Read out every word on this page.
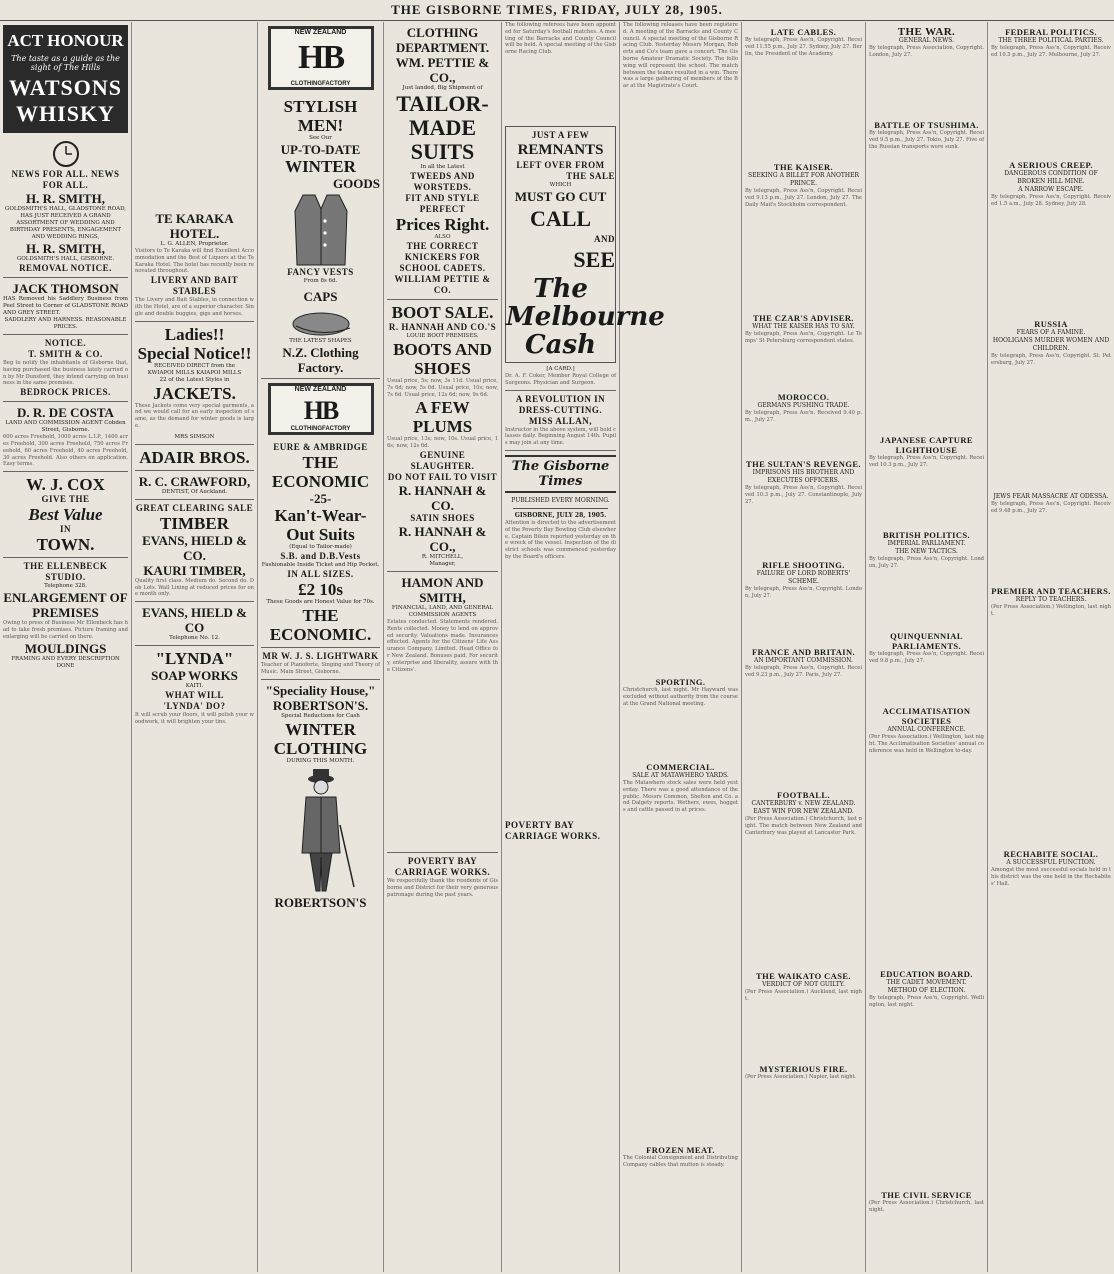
THE GISBORNE TIMES, FRIDAY, JULY 28, 1905.
ACT HONOUR
The taste as a guide as the sight of The Hills
WATSONS WHISKY
NEWS FOR ALL. NEWS FOR ALL.
H. R. SMITH,
GOLDSMITH'S HALL, GLADSTONE ROAD,
HAS JUST RECEIVED A GRAND ASSORTMENT OF WEDDING AND BIRTHDAY PRESENTS, ENGAGEMENT AND WEDDING RINGS,
H. R. SMITH,
GOLDSMITH'S HALL, GISBORNE.
REMOVAL NOTICE.
JACK THOMSON
HAS Removed his Saddlery Business from Peel Street to Corner of GLADSTONE ROAD AND GREY STREET.
SADDLERY AND HARNESS. REASONABLE PRICES.
NOTICE.
T. SMITH & CO.
Beg to notify the inhabitants of Gisborne that, having purchased the business lately carried on by Mr Dunsford, they intend carrying on business in the same premises.
BEDROCK PRICES.
D. R. DE COSTA
LAND AND COMMISSION AGENT Cobden Street, Gisborne.
600 acres Freehold, 1000 acres L.I.P., 1400 acres Freehold, 300 acres Freehold, 750 acres Freehold, 60 acres Freehold, 40 acres Freehold, 30 acres Freehold. Also others on application. Easy terms.
W. J. COX
GIVE THE
Best Value
IN
TOWN.
THE ELLENBECK STUDIO.
Telephone 328.
ENLARGEMENT OF PREMISES
Owing to press of Business Mr Ellenbeck has had to take fresh premises. Picture framing and enlarging will be carried on there.
MOULDINGS
FRAMING AND EVERY DESCRIPTION DONE
TE KARAKA HOTEL.
L. G. ALLEN, Proprietor.
Visitors to Te Karaka will find Excellent Accommodation and the Best of Liquors at the Te Karaka Hotel. The hotel has recently been renovated throughout.
LIVERY AND BAIT STABLES
The Livery and Bait Stables, in connection with the Hotel, are of a superior character. Single and double buggies, gigs and horses.
Ladies!!
Special Notice!!
RECEIVED DIRECT from the
KWIAPOI MILLS KAIAPOI MILLS
22 of the Latest Styles in
JACKETS.
These Jackets come very special garments, and we would call for an early inspection of same, as the demand for winter goods is large.
MRS SIMSON
ADAIR BROS.
R. C. CRAWFORD,
DENTIST, Of Auckland.
GREAT CLEARING SALE
TIMBER
EVANS, HIELD & CO.
KAURI TIMBER,
Quality first class. Medium do. Second do. Dob Lots. Wall Lining at reduced prices for one month only.
EVANS, HIELD & CO
Telephone No. 12.
"LYNDA"
SOAP WORKS
KAITI.
WHAT WILL
'LYNDA' DO?
It will scrub your floors, it will polish your woodwork, it will brighten your tins.
NEW ZEALAND
HB
CLOTHINGFACTORY
STYLISH MEN!
See Our
UP-TO-DATE
WINTER
GOODS
FANCY VESTS
From 8s 6d.
CAPS
THE LATEST SHAPES
N.Z. Clothing Factory.
NEW ZEALAND
HB
CLOTHINGFACTORY
EURE & AMBRIDGE
THE ECONOMIC
-25-
Kan't-Wear-Out Suits
(Equal to Tailor-made)
S.B. and D.B.Vests
Fashionable Inside Ticket and Hip Pocket.
IN ALL SIZES.
£2 10s
These Goods are Honest Value for 70s.
THE ECONOMIC.
MR W. J. S. LIGHTWARK
Teacher of Pianoforte, Singing and Theory of Music. Main Street, Gisborne.
"Speciality House,"
ROBERTSON'S.
Special Reductions for Cash
WINTER
CLOTHING
DURING THIS MONTH.
ROBERTSON'S
CLOTHING DEPARTMENT.
WM. PETTIE & CO.,
Just landed, Big Shipment of
TAILOR-
MADE
SUITS
In all the Latest
TWEEDS AND WORSTEDS.
FIT AND STYLE PERFECT
Prices Right.
ALSO
THE CORRECT KNICKERS FOR SCHOOL CADETS.
WILLIAM PETTIE & CO.
BOOT SALE.
R. HANNAH AND CO.'S
LOUIE BOOT PREMISES.
BOOTS AND
SHOES
Usual price, 5s; now, 3s 11d. Usual price, 7s 6d; now, 5s 6d. Usual price, 10s; now, 7s 6d. Usual price, 12s 6d; now, 9s 6d.
A FEW PLUMS
Usual price, 13s; now, 10s. Usual price, 16s; now, 12s 6d.
GENUINE SLAUGHTER.
DO NOT FAIL TO VISIT
R. HANNAH & CO.
SATIN SHOES
R. HANNAH & CO.,
R. MITCHELL,
Manager,
HAMON AND SMITH,
FINANCIAL, LAND, AND GENERAL COMMISSION AGENTS
Estates conducted. Statements rendered. Rents collected. Money to lend on approved security. Valuations made. Insurances effected. Agents for the Citizens' Life Assurance Company, Limited. Head Office for New Zealand. Bonuses paid. For security, enterprise and liberality, assure with the Citizens'.
POVERTY BAY CARRIAGE WORKS.
We respectfully thank the residents of Gisborne and District for their very generous patronage during the past years.
The following referees have been appointed for Saturday's football matches. A meeting of the Barracks and County Council will be held. A special meeting of the Gisborne Racing Club.
JUST A FEW
REMNANTS
LEFT OVER FROM
THE SALE
WHICH
MUST GO CUT
CALL
AND
SEE
The
Melbourne
Cash
[A CARD.]
Dr. A. F. Coker, Member Royal College of Surgeons. Physician and Surgeon.
A REVOLUTION IN DRESS-CUTTING.
MISS ALLAN,
Instructor in the above system, will hold classes daily. Beginning August 14th. Pupils may join at any time.
The Gisborne Times
PUBLISHED EVERY MORNING.
GISBORNE, JULY 28, 1905.
Attention is directed to the advertisement of the Poverty Bay Bowling Club elsewhere. Captain Bilsin reported yesterday on the wreck of the vessel. Inspection of the district schools was commenced yesterday by the Board's officers.
POVERTY BAY CARRIAGE WORKS.
The following releases have been registered. A meeting of the Barracks and County Council. A special meeting of the Gisborne Racing Club. Yesterday Messrs Morgan, Roberts and Co's team gave a concert. The Gisborne Amateur Dramatic Society. The following will represent the school. The match between the teams resulted in a win. There was a large gathering of members of the Bar at the Magistrate's Court.
SPORTING.
Christchurch, last night. Mr Hayward was excluded without authority from the course at the Grand National meeting.
COMMERCIAL.
SALE AT MATAWHERO YARDS.
The Matawhero stock sales were held yesterday. There was a good attendance of the public. Messrs Common, Shelton and Co. and Dalgety reports. Wethers, ewes, hoggets and cattle passed in at prices.
FROZEN MEAT.
The Colonial Consignment and Distributing Company cables that mutton is steady.
LATE CABLES.
By telegraph, Press Ass'n, Copyright. Received 11.55 p.m., July 27. Sydney, July 27. Berlin, the President of the Academy.
THE KAISER.
SEEKING A BILLET FOR ANOTHER PRINCE.
By telegraph, Press Ass'n, Copyright. Received 9.13 p.m., July 27. London, July 27. The Daily Mail's Stockholm correspondent.
THE CZAR'S ADVISER.
WHAT THE KAISER HAS TO SAY.
By telegraph, Press Ass'n, Copyright. Le Temps' St Petersburg correspondent states.
MOROCCO.
GERMANS PUSHING TRADE.
By telegraph, Press Ass'n. Received 9.40 p.m., July 27.
THE SULTAN'S REVENGE.
IMPRISONS HIS BROTHER AND EXECUTES OFFICERS.
By telegraph, Press Ass'n, Copyright. Received 10.3 p.m., July 27. Constantinople, July 27.
RIFLE SHOOTING.
FAILURE OF LORD ROBERTS' SCHEME.
By telegraph, Press Ass'n, Copyright. London, July 27.
FRANCE AND BRITAIN.
AN IMPORTANT COMMISSION.
By telegraph, Press Ass'n, Copyright. Received 9.23 p.m., July 27. Paris, July 27.
FOOTBALL.
CANTERBURY v. NEW ZEALAND.
EAST WIN FOR NEW ZEALAND.
(Per Press Association.) Christchurch, last night. The match between New Zealand and Canterbury was played at Lancaster Park.
THE WAIKATO CASE.
VERDICT OF NOT GUILTY.
(Per Press Association.) Auckland, last night.
MYSTERIOUS FIRE.
(Per Press Association.) Napier, last night.
THE WAR.
GENERAL NEWS.
By telegraph, Press Association, Copyright. London, July 27.
BATTLE OF TSUSHIMA.
By telegraph, Press Ass'n, Copyright. Received 9.5 p.m., July 27. Tokio, July 27. Five of the Russian transports were sunk.
JAPANESE CAPTURE LIGHTHOUSE
By telegraph, Press Ass'n, Copyright. Received 10.3 p.m., July 27.
BRITISH POLITICS.
IMPERIAL PARLIAMENT.
THE NEW TACTICS.
By telegraph, Press Ass'n, Copyright. London, July 27.
QUINQUENNIAL PARLIAMENTS.
By telegraph, Press Ass'n, Copyright. Received 9.8 p.m., July 27.
ACCLIMATISATION SOCIETIES
ANNUAL CONFERENCE.
(Per Press Association.) Wellington, last night. The Acclimatisation Societies' annual conference was held in Wellington to-day.
EDUCATION BOARD.
THE CADET MOVEMENT.
METHOD OF ELECTION.
By telegraph, Press Ass'n, Copyright. Wellington, last night.
THE CIVIL SERVICE
(Per Press Association.) Christchurch, last night.
FEDERAL POLITICS.
THE THREE POLITICAL PARTIES.
By telegraph, Press Ass'n, Copyright. Received 10.5 p.m., July 27. Melbourne, July 27.
A SERIOUS CREEP.
DANGEROUS CONDITION OF BROKEN HILL MINE.
A NARROW ESCAPE.
By telegraph, Press Ass'n, Copyright. Received 1.5 a.m., July 28. Sydney, July 28.
RUSSIA
FEARS OF A FAMINE.
HOOLIGANS MURDER WOMEN AND CHILDREN.
By telegraph, Press Ass'n, Copyright. St. Petersburg, July 27.
JEWS FEAR MASSACRE AT ODESSA.
By telegraph, Press Ass'n, Copyright. Received 9.48 p.m., July 27.
PREMIER AND TEACHERS.
REPLY TO TEACHERS.
(Per Press Association.) Wellington, last night.
RECHABITE SOCIAL.
A SUCCESSFUL FUNCTION.
Amongst the most successful socials held in this district was the one held in the Rechabites' Hall.
